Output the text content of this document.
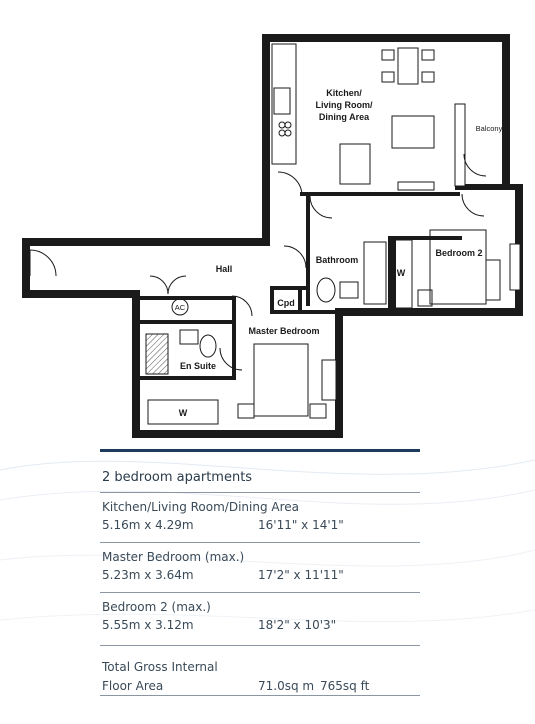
Kitchen/
Living Room/
Dining Area
Balcony
Bedroom 2
Bathroom
Hall
Cpd
AC
Master Bedroom
En Suite
W
W
2 bedroom apartments
Kitchen/Living Room/Dining Area
5.16m x 4.29m	16'11" x 14'1"
Master Bedroom (max.)
5.23m x 3.64m	17'2" x 11'11"
Bedroom 2 (max.)
5.55m x 3.12m	18'2" x 10'3"
Total Gross Internal
Floor Area	71.0sq m 765sq ft
